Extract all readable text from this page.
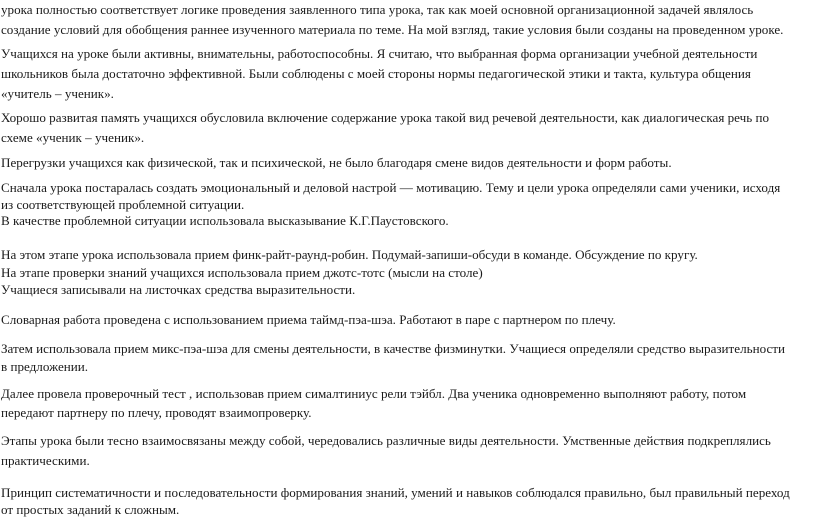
урока полностью соответствует логике проведения заявленного типа урока, так как моей основной организационной задачей являлось
создание условий для обобщения раннее изученного материала по теме. На мой взгляд, такие условия были созданы на проведенном уроке.
Учащихся на уроке были активны, внимательны, работоспособны. Я считаю, что выбранная форма организации учебной деятельности
школьников была достаточно эффективной. Были соблюдены с моей стороны нормы педагогической этики и такта, культура общения
«учитель – ученик».
Хорошо развитая память учащихся обусловила включение содержание урока такой вид речевой деятельности, как диалогическая речь по
схеме «ученик – ученик».
Перегрузки учащихся как физической, так и психической, не было благодаря смене видов деятельности и форм работы.
Сначала урока постаралась создать эмоциональный и деловой настрой — мотивацию. Тему и цели урока определяли сами ученики, исходя
из соответствующей проблемной ситуации.
В качестве проблемной ситуации использовала высказывание К.Г.Паустовского.
На этом этапе урока использовала прием финк-райт-раунд-робин. Подумай-запиши-обсуди в команде. Обсуждение по кругу.
На этапе проверки знаний учащихся использовала прием джотс-тотс (мысли на столе)
Учащиеся записывали на листочках средства выразительности.
Словарная работа проведена с использованием приема таймд-пэа-шэа. Работают в паре с партнером по плечу.
Затем использовала прием микс-пэа-шэа для смены деятельности, в качестве физминутки. Учащиеся определяли средство выразительности
в предложении.
Далее провела проверочный тест , использовав прием сималтиниус рели тэйбл. Два ученика одновременно выполняют работу, потом
передают партнеру по плечу, проводят взаимопроверку.
Этапы урока были тесно взаимосвязаны между собой, чередовались различные виды деятельности. Умственные действия подкреплялись
практическими.
Принцип систематичности и последовательности формирования знаний, умений и навыков соблюдался правильно, был правильный переход
от простых заданий к сложным.
